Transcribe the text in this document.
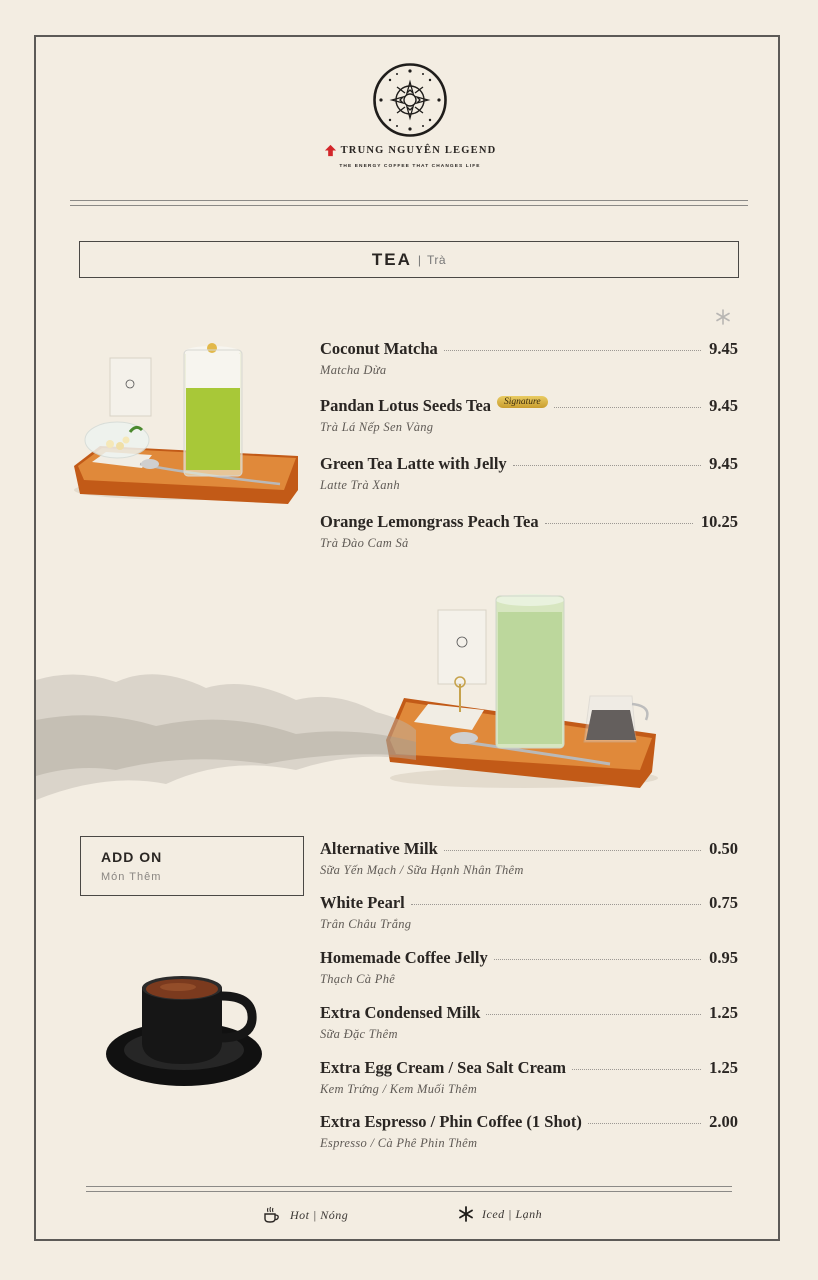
TRUNG NGUYÊN LEGEND
THE ENERGY COFFEE THAT CHANGES LIFE
TEA | Trà
Coconut Matcha	9.45
Matcha Dừa
Pandan Lotus Seeds Tea	Signature	9.45
Trà Lá Nếp Sen Vàng
Green Tea Latte with Jelly	9.45
Latte Trà Xanh
Orange Lemongrass Peach Tea	10.25
Trà Đào Cam Sả
ADD ON
Món Thêm
Alternative Milk	0.50
Sữa Yến Mạch / Sữa Hạnh Nhân Thêm
White Pearl	0.75
Trân Châu Trắng
Homemade Coffee Jelly	0.95
Thạch Cà Phê
Extra Condensed Milk	1.25
Sữa Đặc Thêm
Extra Egg Cream / Sea Salt Cream	1.25
Kem Trứng / Kem Muối Thêm
Extra Espresso / Phin Coffee (1 Shot)	2.00
Espresso / Cà Phê Phin Thêm
Hot | Nóng	Iced | Lạnh
